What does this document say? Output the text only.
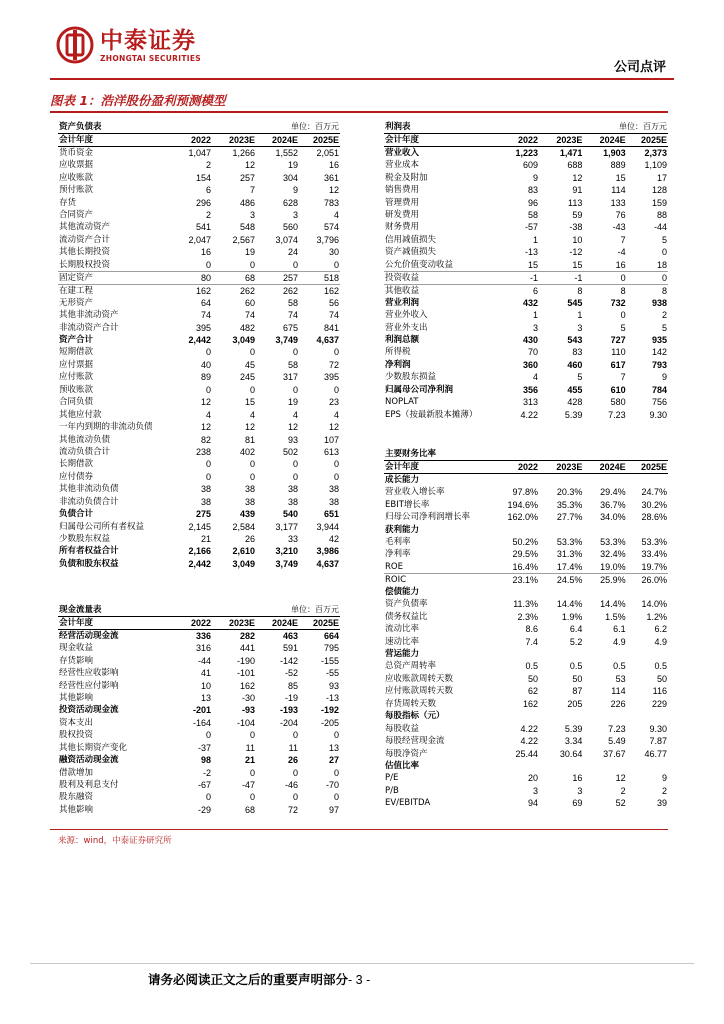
中泰证券
ZHONGTAI SECURITIES
公司点评
图表 1：浩洋股份盈利预测模型
资产负债表		单位：百万元		
会计年度	2022	2023E	2024E	2025E
货币资金	1,047	1,266	1,552	2,051
应收票据	2	12	19	16
应收账款	154	257	304	361
预付账款	6	7	9	12
存货	296	486	628	783
合同资产	2	3	3	4
其他流动资产	541	548	560	574
流动资产合计	2,047	2,567	3,074	3,796
其他长期投资	16	19	24	30
长期股权投资	0	0	0	0
固定资产	80	68	257	518
在建工程	162	262	262	162
无形资产	64	60	58	56
其他非流动资产	74	74	74	74
非流动资产合计	395	482	675	841
资产合计	2,442	3,049	3,749	4,637
短期借款	0	0	0	0
应付票据	40	45	58	72
应付账款	89	245	317	395
预收账款	0	0	0	0
合同负债	12	15	19	23
其他应付款	4	4	4	4
一年内到期的非流动负债	12	12	12	12
其他流动负债	82	81	93	107
流动负债合计	238	402	502	613
长期借款	0	0	0	0
应付债券	0	0	0	0
其他非流动负债	38	38	38	38
非流动负债合计	38	38	38	38
负债合计	275	439	540	651
归属母公司所有者权益	2,145	2,584	3,177	3,944
少数股东权益	21	26	33	42
所有者权益合计	2,166	2,610	3,210	3,986
负债和股东权益	2,442	3,049	3,749	4,637
利润表		单位：百万元		
会计年度	2022	2023E	2024E	2025E
营业收入	1,223	1,471	1,903	2,373
营业成本	609	688	889	1,109
税金及附加	9	12	15	17
销售费用	83	91	114	128
管理费用	96	113	133	159
研发费用	58	59	76	88
财务费用	-57	-38	-43	-44
信用减值损失	1	10	7	5
资产减值损失	-13	-12	-4	0
公允价值变动收益	15	15	16	18
投资收益	-1	-1	0	0
其他收益	6	8	8	8
营业利润	432	545	732	938
营业外收入	1	1	0	2
营业外支出	3	3	5	5
利润总额	430	543	727	935
所得税	70	83	110	142
净利润	360	460	617	793
少数股东损益	4	5	7	9
归属母公司净利润	356	455	610	784
NOPLAT	313	428	580	756
EPS（按最新股本摊薄）	4.22	5.39	7.23	9.30
主要财务比率				
会计年度	2022	2023E	2024E	2025E
成长能力				
营业收入增长率	97.8%	20.3%	29.4%	24.7%
EBIT增长率	194.6%	35.3%	36.7%	30.2%
归母公司净利润增长率	162.0%	27.7%	34.0%	28.6%
获利能力				
毛利率	50.2%	53.3%	53.3%	53.3%
净利率	29.5%	31.3%	32.4%	33.4%
ROE	16.4%	17.4%	19.0%	19.7%
ROIC	23.1%	24.5%	25.9%	26.0%
偿债能力				
资产负债率	11.3%	14.4%	14.4%	14.0%
债务权益比	2.3%	1.9%	1.5%	1.2%
流动比率	8.6	6.4	6.1	6.2
速动比率	7.4	5.2	4.9	4.9
营运能力				
总资产周转率	0.5	0.5	0.5	0.5
应收账款周转天数	50	50	53	50
应付账款周转天数	62	87	114	116
存货周转天数	162	205	226	229
每股指标（元）				
每股收益	4.22	5.39	7.23	9.30
每股经营现金流	4.22	3.34	5.49	7.87
每股净资产	25.44	30.64	37.67	46.77
估值比率				
P/E	20	16	12	9
P/B	3	3	2	2
EV/EBITDA	94	69	52	39
现金流量表		单位：百万元		
会计年度	2022	2023E	2024E	2025E
经营活动现金流	336	282	463	664
现金收益	316	441	591	795
存货影响	-44	-190	-142	-155
经营性应收影响	41	-101	-52	-55
经营性应付影响	10	162	85	93
其他影响	13	-30	-19	-13
投资活动现金流	-201	-93	-193	-192
资本支出	-164	-104	-204	-205
股权投资	0	0	0	0
其他长期资产变化	-37	11	11	13
融资活动现金流	98	21	26	27
借款增加	-2	0	0	0
股利及利息支付	-67	-47	-46	-70
股东融资	0	0	0	0
其他影响	-29	68	72	97
来源：wind，中泰证券研究所
请务必阅读正文之后的重要声明部分- 3 -
